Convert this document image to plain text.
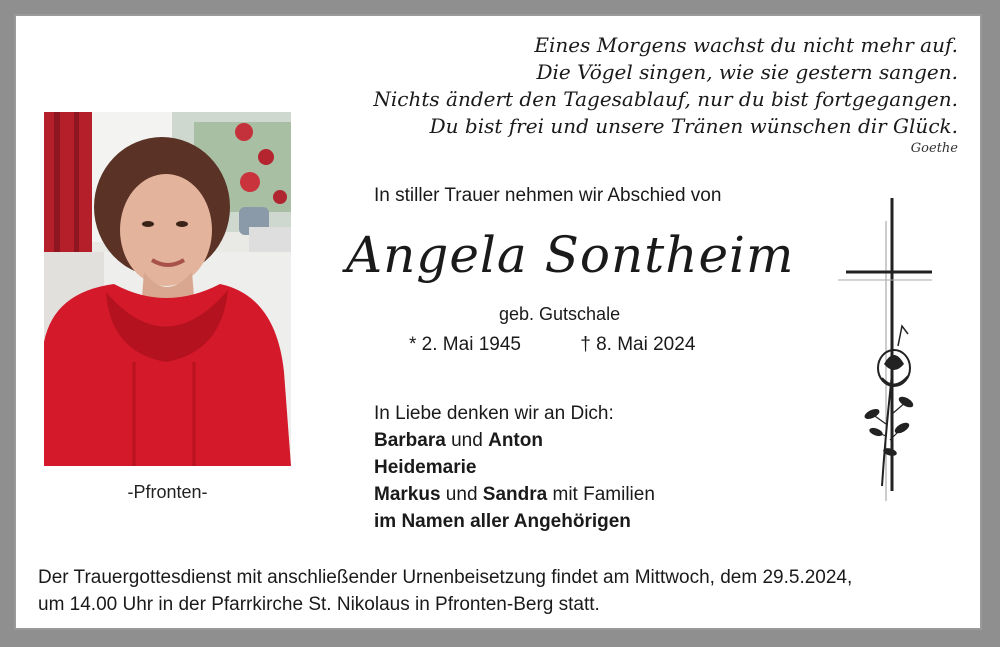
Eines Morgens wachst du nicht mehr auf.
Die Vögel singen, wie sie gestern sangen.
Nichts ändert den Tagesablauf, nur du bist fortgegangen.
Du bist frei und unsere Tränen wünschen dir Glück.
Goethe
-Pfronten-
In stiller Trauer nehmen wir Abschied von
Angela Sontheim
geb. Gutschale
* 2. Mai 1945	† 8. Mai 2024
In Liebe denken wir an Dich:
Barbara und Anton
Heidemarie
Markus und Sandra mit Familien
im Namen aller Angehörigen
Der Trauergottesdienst mit anschließender Urnenbeisetzung findet am Mittwoch, dem 29.5.2024,
um 14.00 Uhr in der Pfarrkirche St. Nikolaus in Pfronten-Berg statt.
